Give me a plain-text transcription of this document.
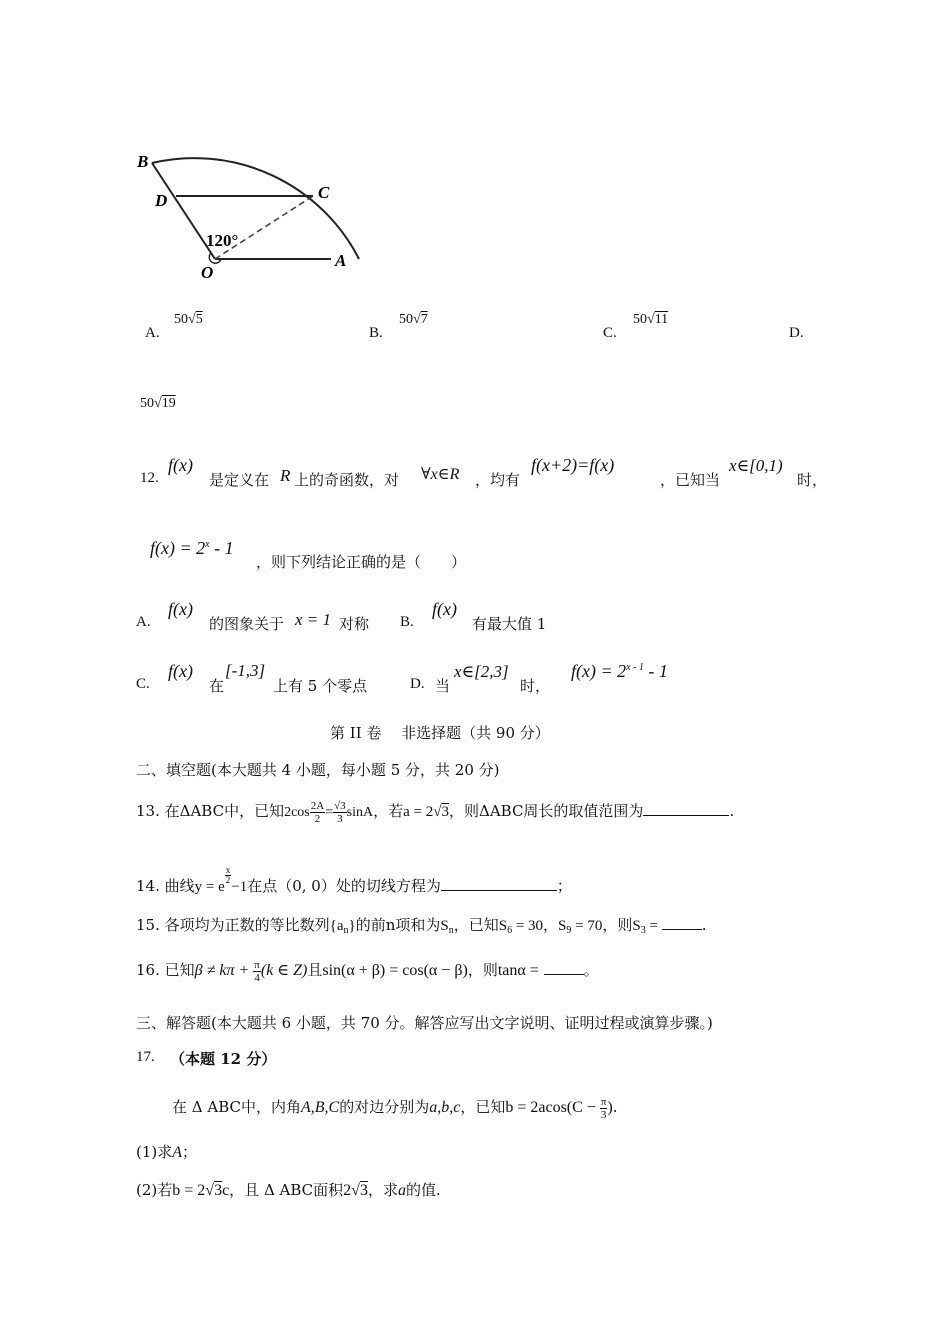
B
D	C
O
A
120°
A.
50√5
B.
50√7
C.
50√11
D.
50√19
12.
f(x)
是定义在 R 上的奇函数，对 ∀x∈R ，均有
f(x+2)=f(x)
，已知当
x∈[0,1)
时，
$f(x) = 2^x - 1$
，则下列结论正确的是（　　）
A.
f(x)
的图象关于 x = 1 对称 B.
f(x)
有最大值 1
C.
f(x)
在
[-1,3]
上有 5 个零点	D. 当
x∈[2,3]
时，
$f(x) = 2^{x - 1} - 1$
第 II 卷　 非选择题（共 90 分）
二、填空题(本大题共 4 小题，每小题 5 分，共 20 分)
13. 在ΔABC中，已知$2\cos \frac{2A}{2} = \frac{√3}{3}$ sinA，若a = 2√3，则ΔABC周长的取值范围为	.
14. 曲线y = e
$\frac{x}{2}$
−1在点（0, 0）处的切线方程为	；
15. 各项均为正数的等比数列$\{a_n\}$的前n项和为$S_n$，已知$S_6 = 30$，$S_9 = 70$，则$S_3$ =	.
16. 已知$\beta \ne k\pi + \frac{\pi}{4} (k$ ∈ Z)且sin(α + β) = cos(α − β)，则tanα =	。
三、解答题(本大题共 6 小题，共 70 分。解答应写出文字说明、证明过程或演算步骤。)
17. （本题 12 分）
在 Δ ABC中，内角A,B,C的对边分别为a,b,c，已知$b = 2acos(C - \frac{\pi}{3}$ ).
(1)求A；
(2)若b = 2√3c，且 Δ ABC面积2√3，求a的值.
